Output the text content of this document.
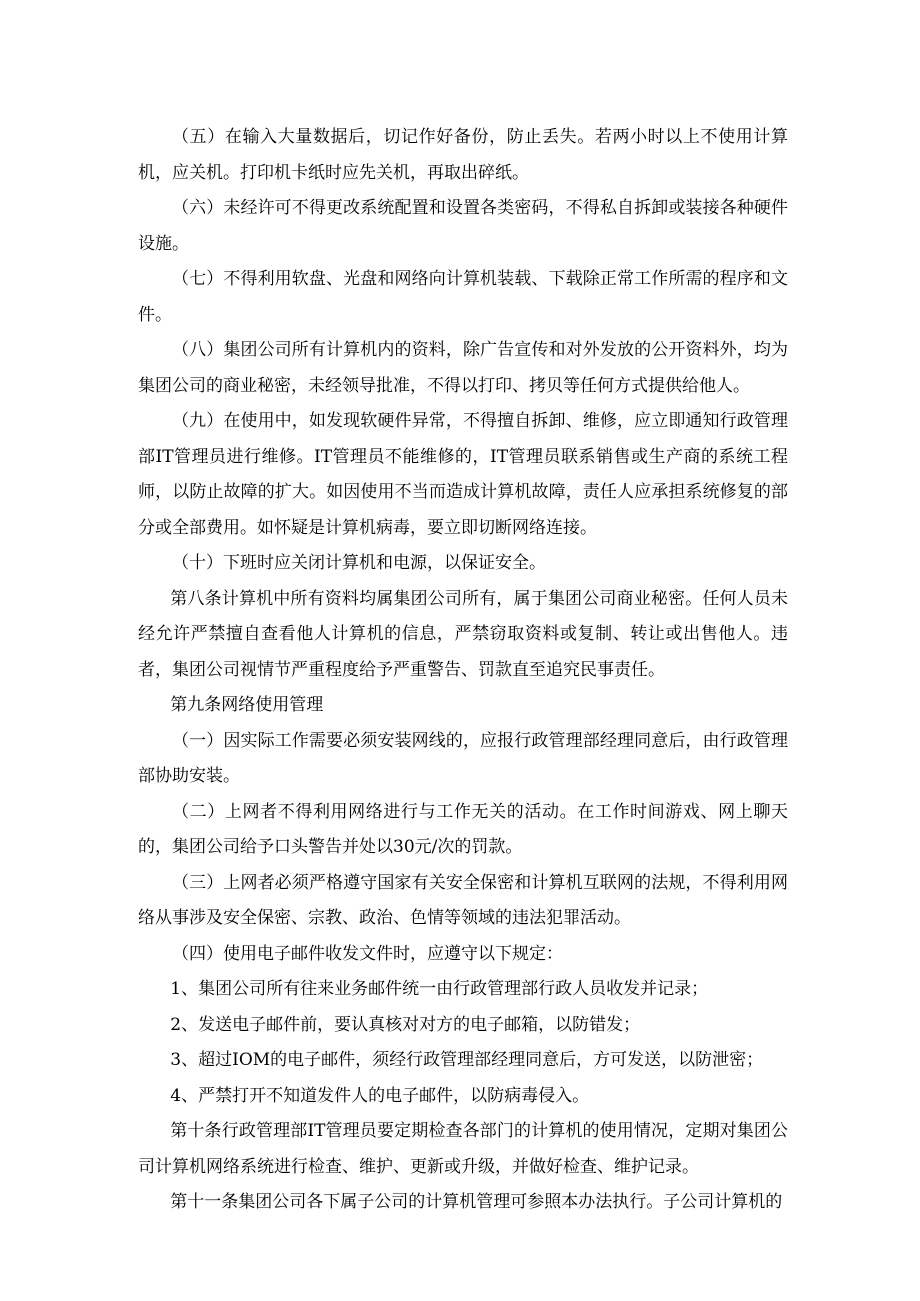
（五）在输入大量数据后，切记作好备份，防止丢失。若两小时以上不使用计算机，应关机。打印机卡纸时应先关机，再取出碎纸。

（六）未经许可不得更改系统配置和设置各类密码，不得私自拆卸或装接各种硬件设施。

（七）不得利用软盘、光盘和网络向计算机装载、下载除正常工作所需的程序和文件。

（八）集团公司所有计算机内的资料，除广告宣传和对外发放的公开资料外，均为集团公司的商业秘密，未经领导批准，不得以打印、拷贝等任何方式提供给他人。

（九）在使用中，如发现软硬件异常，不得擅自拆卸、维修，应立即通知行政管理部IT管理员进行维修。IT管理员不能维修的，IT管理员联系销售或生产商的系统工程师，以防止故障的扩大。如因使用不当而造成计算机故障，责任人应承担系统修复的部分或全部费用。如怀疑是计算机病毒，要立即切断网络连接。

（十）下班时应关闭计算机和电源，以保证安全。

第八条计算机中所有资料均属集团公司所有，属于集团公司商业秘密。任何人员未经允许严禁擅自查看他人计算机的信息，严禁窃取资料或复制、转让或出售他人。违者，集团公司视情节严重程度给予严重警告、罚款直至追究民事责任。

第九条网络使用管理

（一）因实际工作需要必须安装网线的，应报行政管理部经理同意后，由行政管理部协助安装。

（二）上网者不得利用网络进行与工作无关的活动。在工作时间游戏、网上聊天的，集团公司给予口头警告并处以30元/次的罚款。

（三）上网者必须严格遵守国家有关安全保密和计算机互联网的法规，不得利用网络从事涉及安全保密、宗教、政治、色情等领域的违法犯罪活动。

（四）使用电子邮件收发文件时，应遵守以下规定：

1、集团公司所有往来业务邮件统一由行政管理部行政人员收发并记录；

2、发送电子邮件前，要认真核对对方的电子邮箱，以防错发；

3、超过IOM的电子邮件，须经行政管理部经理同意后，方可发送，以防泄密；

4、严禁打开不知道发件人的电子邮件，以防病毒侵入。

第十条行政管理部IT管理员要定期检查各部门的计算机的使用情况，定期对集团公司计算机网络系统进行检查、维护、更新或升级，并做好检查、维护记录。

第十一条集团公司各下属子公司的计算机管理可参照本办法执行。子公司计算机的
